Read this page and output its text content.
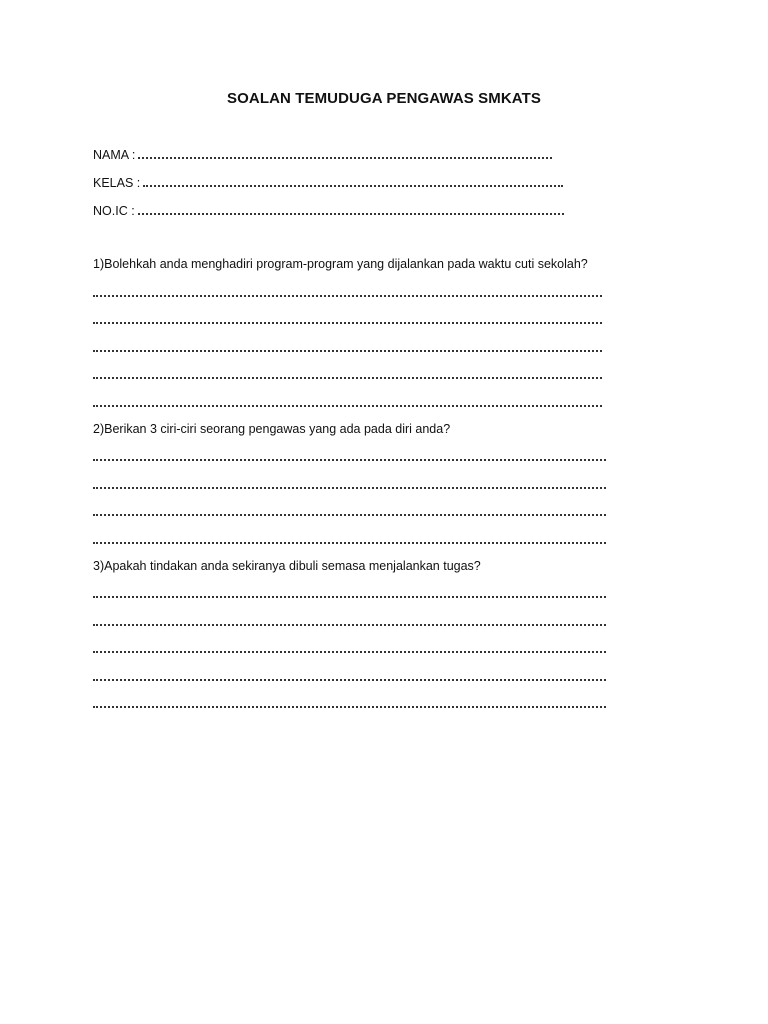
SOALAN TEMUDUGA PENGAWAS SMKATS
NAMA :
KELAS :
NO.IC :
1)Bolehkah anda menghadiri program-program yang dijalankan pada waktu cuti sekolah?
2)Berikan 3 ciri-ciri seorang pengawas yang ada pada diri anda?
3)Apakah tindakan anda sekiranya dibuli semasa menjalankan tugas?
